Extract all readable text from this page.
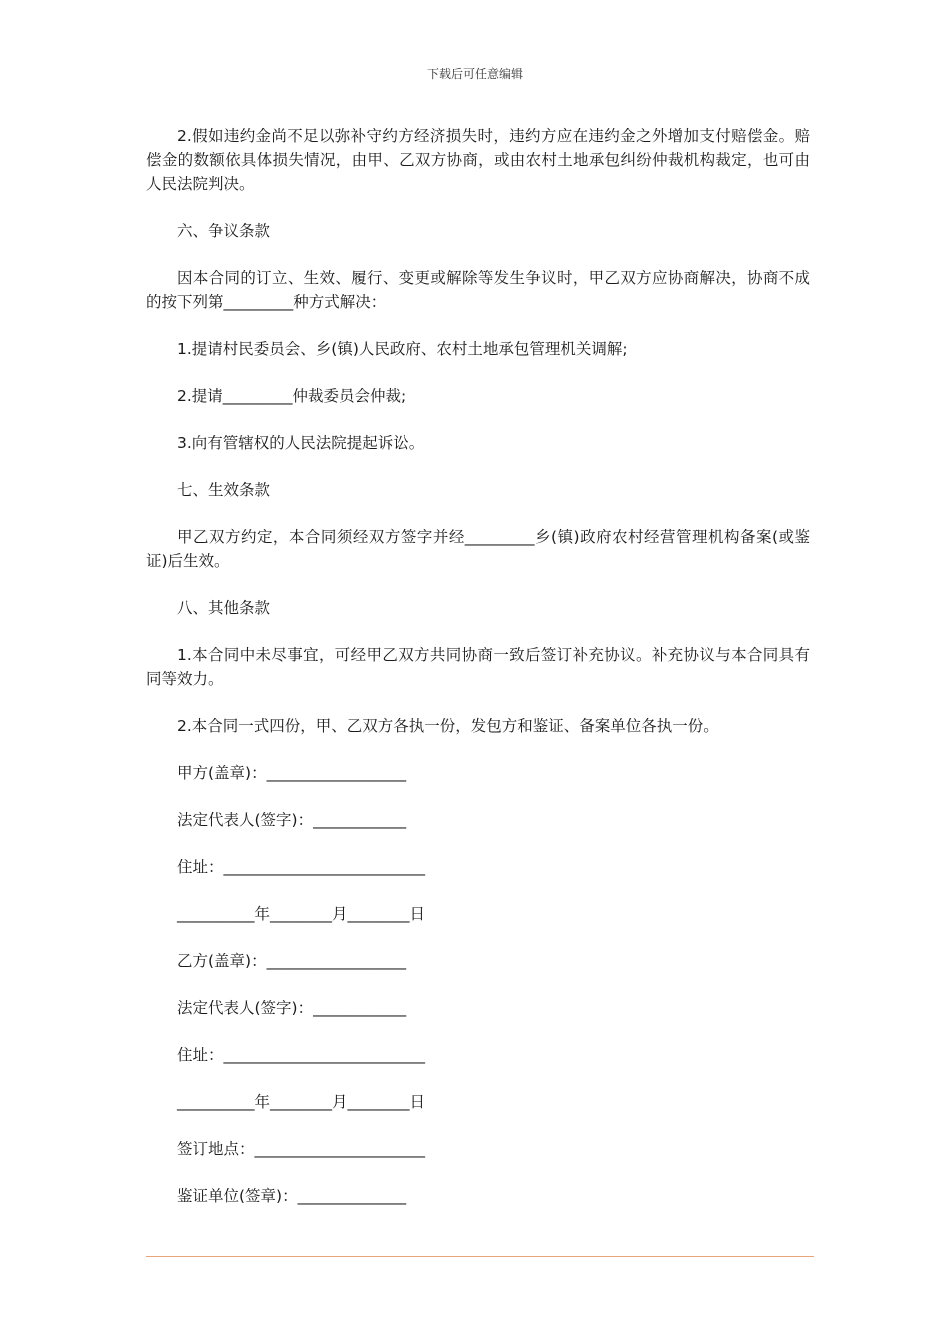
下载后可任意编辑

2.假如违约金尚不足以弥补守约方经济损失时，违约方应在违约金之外增加支付赔偿金。赔偿金的数额依具体损失情况，由甲、乙双方协商，或由农村土地承包纠纷仲裁机构裁定，也可由人民法院判决。

六、争议条款

因本合同的订立、生效、履行、变更或解除等发生争议时，甲乙双方应协商解决，协商不成的按下列第_________种方式解决：

1.提请村民委员会、乡(镇)人民政府、农村土地承包管理机关调解;

2.提请_________仲裁委员会仲裁;

3.向有管辖权的人民法院提起诉讼。

七、生效条款

甲乙双方约定，本合同须经双方签字并经_________乡(镇)政府农村经营管理机构备案(或鉴证)后生效。

八、其他条款

1.本合同中未尽事宜，可经甲乙双方共同协商一致后签订补充协议。补充协议与本合同具有同等效力。

2.本合同一式四份，甲、乙双方各执一份，发包方和鉴证、备案单位各执一份。

甲方(盖章)：__________________

法定代表人(签字)：____________

住址：__________________________

__________年________月________日

乙方(盖章)：__________________

法定代表人(签字)：____________

住址：__________________________

__________年________月________日

签订地点：______________________

鉴证单位(签章)：______________
